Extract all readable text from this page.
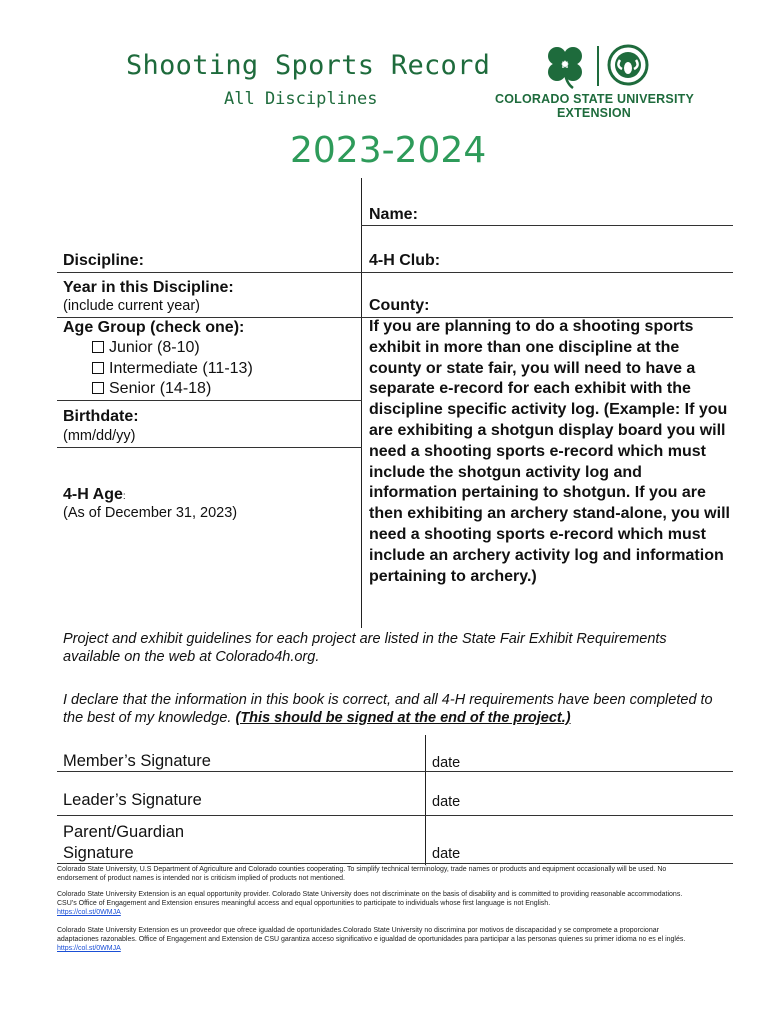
Shooting Sports Record
All Disciplines
H
COLORADO STATE UNIVERSITY
EXTENSION
2023-2024
Name:
4-H Club:
County:
If you are planning to do a shooting sports exhibit in more than one discipline at the county or state fair, you will need to have a separate e-record for each exhibit with the discipline specific activity log. (Example: If you are exhibiting a shotgun display board you will need a shooting sports e-record which must include the shotgun activity log and information pertaining to shotgun. If you are then exhibiting an archery stand-alone, you will need a shooting sports e-record which must include an archery activity log and information pertaining to archery.)
Discipline:
Year in this Discipline:
(include current year)
Age Group (check one):
Junior (8-10)
Intermediate (11-13)
Senior (14-18)
Birthdate:
(mm/dd/yy)
4-H Age:
(As of December 31, 2023)
Project and exhibit guidelines for each project are listed in the State Fair Exhibit Requirements available on the web at Colorado4h.org.
I declare that the information in this book is correct, and all 4-H requirements have been completed to the best of my knowledge. (This should be signed at the end of the project.)
Member’s Signature	date
Leader’s Signature	date
Parent/Guardian
Signature	date
Colorado State University, U.S Department of Agriculture and Colorado counties cooperating. To simplify technical terminology, trade names or products and equipment occasionally will be used. No endorsement of product names is intended nor is criticism implied of products not mentioned.
Colorado State University Extension is an equal opportunity provider. Colorado State University does not discriminate on the basis of disability and is committed to providing reasonable accommodations. CSU’s Office of Engagement and Extension ensures meaningful access and equal opportunities to participate to individuals whose first language is not English.
https://col.st/0WMJA
Colorado State University Extension es un proveedor que ofrece igualdad de oportunidades.Colorado State University no discrimina por motivos de discapacidad y se compromete a proporcionar adaptaciones razonables. Office of Engagement and Extension de CSU garantiza acceso significativo e igualdad de oportunidades para participar a las personas quienes su primer idioma no es el inglés. https://col.st/0WMJA
